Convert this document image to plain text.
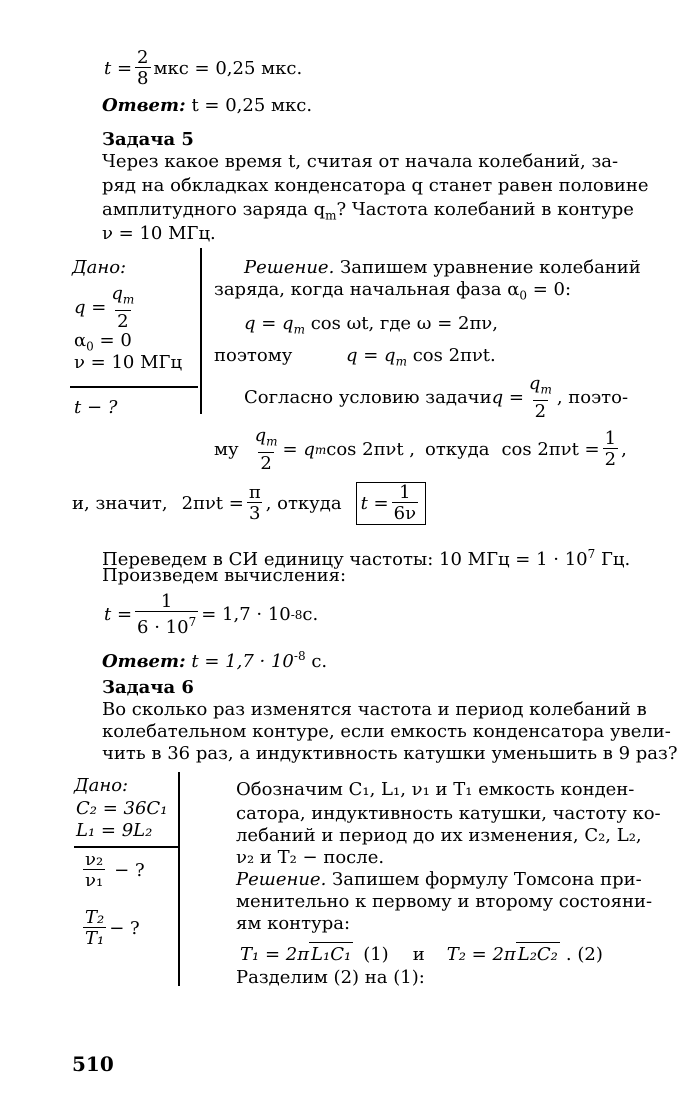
$t = \frac{2}{8}$ мкс = 0,25 мкс.
Ответ: t = 0,25 мкс.
Задача 5
Через какое время t, считая от начала колебаний, за-
ряд на обкладках конденсатора q станет равен половине
амплитудного заряда $q_m$? Частота колебаний в контуре
ν = 10 МГц.
Дано:
$q = \frac{q_m}{2}$
$\alpha_0 = 0$
ν = 10 МГц
t − ?
Решение. Запишем уравнение колебаний
заряда, когда начальная фаза $\alpha_0 = 0$:
$q = q_m$ cos ωt, где ω = 2πν,
поэтому	$q = q_m$ cos 2πνt.
Согласно условию задачи $q = \frac{q_m}{2}$ , поэто-
му $\frac{q_m}{2} = q$ m cos 2πνt , откуда $\cos 2\pi\nu t = \frac{1}{2}$ ,
и, значит, $2\pi\nu t = \frac{\pi}{3}$ , откуда $t = \frac{1}{6\nu}$
Переведем в СИ единицу частоты: 10 МГц = $1 \cdot 10^7$ Гц.
Произведем вычисления:
$t = \frac{1}{6 \cdot 10^7} = 1,7 \cdot 10$ -8 с.
Ответ: $t = 1,7 \cdot 10^{-8}$ с.
Задача 6
Во сколько раз изменятся частота и период колебаний в
колебательном контуре, если емкость конденсатора увели-
чить в 36 раз, а индуктивность катушки уменьшить в 9 раз?
Дано:
C₂ = 36C₁
L₁ = 9L₂
$\frac{\text{ν₂}}{\text{ν₁}}$ − ?
$\frac{\text{T₂}}{\text{T₁}}$ − ?
Обозначим C₁, L₁, ν₁ и T₁ емкость конден-
сатора, индуктивность катушки, частоту ко-
лебаний и период до их изменения, C₂, L₂,
ν₂ и T₂ − после.
Решение. Запишем формулу Томсона при-
менительно к первому и второму состояни-
ям контура:
T₁ = 2π L₁C₁ (1) и T₂ = 2π L₂C₂ . (2)
Разделим (2) на (1):
510
